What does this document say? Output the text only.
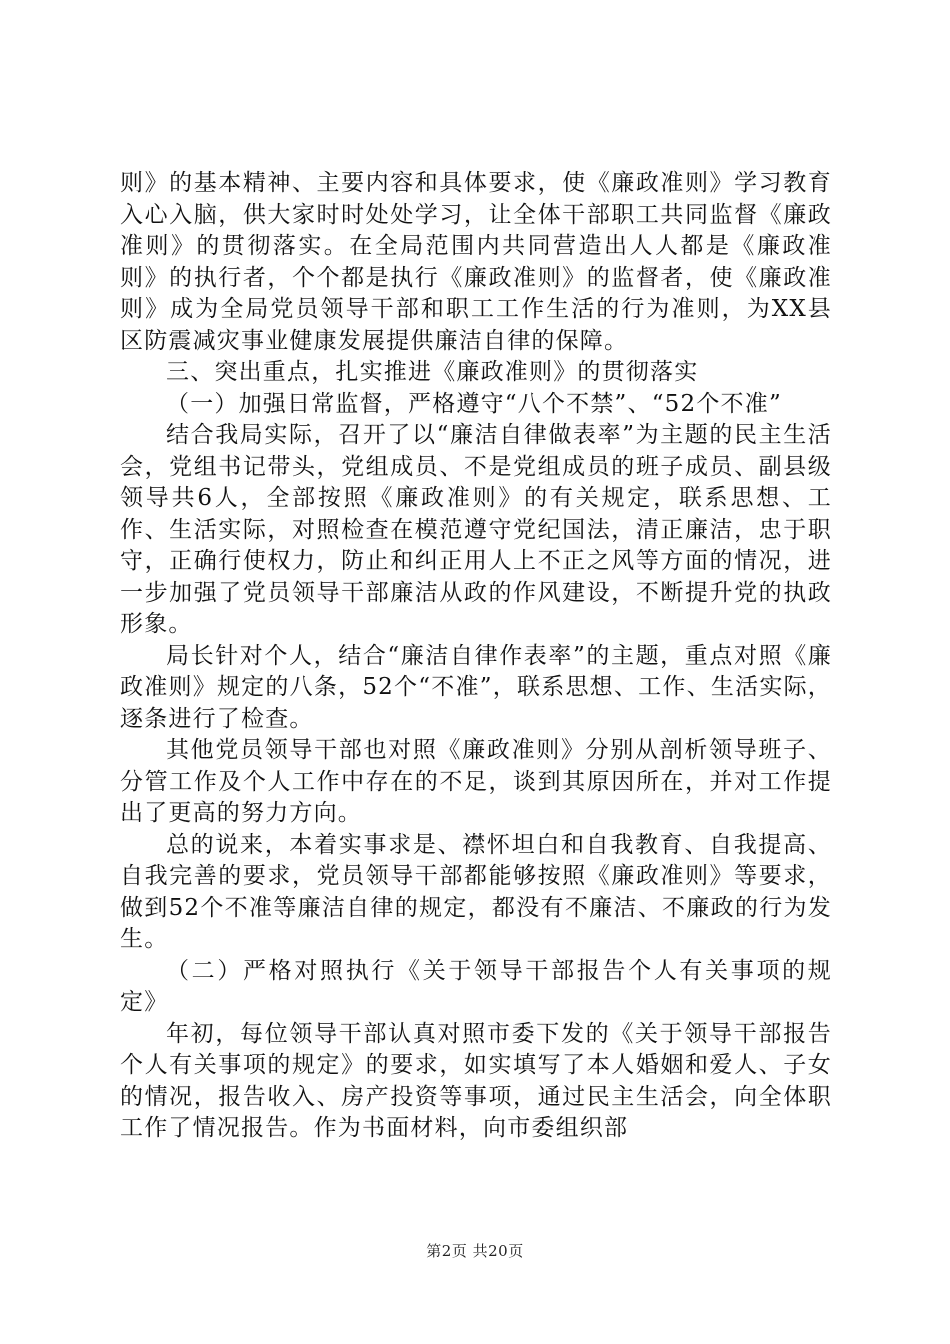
则》的基本精神、主要内容和具体要求，使《廉政准则》学习教育入心入脑，供大家时时处处学习，让全体干部职工共同监督《廉政准则》的贯彻落实。在全局范围内共同营造出人人都是《廉政准则》的执行者，个个都是执行《廉政准则》的监督者，使《廉政准则》成为全局党员领导干部和职工工作生活的行为准则，为XX县区防震减灾事业健康发展提供廉洁自律的保障。

三、突出重点，扎实推进《廉政准则》的贯彻落实

（一）加强日常监督，严格遵守“八个不禁”、“52个不准”

结合我局实际，召开了以“廉洁自律做表率”为主题的民主生活会，党组书记带头，党组成员、不是党组成员的班子成员、副县级领导共6人，全部按照《廉政准则》的有关规定，联系思想、工作、生活实际，对照检查在模范遵守党纪国法，清正廉洁，忠于职守，正确行使权力，防止和纠正用人上不正之风等方面的情况，进一步加强了党员领导干部廉洁从政的作风建设，不断提升党的执政形象。

局长针对个人，结合“廉洁自律作表率”的主题，重点对照《廉政准则》规定的八条，52个“不准”，联系思想、工作、生活实际，逐条进行了检查。

其他党员领导干部也对照《廉政准则》分别从剖析领导班子、分管工作及个人工作中存在的不足，谈到其原因所在，并对工作提出了更高的努力方向。

总的说来，本着实事求是、襟怀坦白和自我教育、自我提高、自我完善的要求，党员领导干部都能够按照《廉政准则》等要求，做到52个不准等廉洁自律的规定，都没有不廉洁、不廉政的行为发生。

（二）严格对照执行《关于领导干部报告个人有关事项的规定》

年初，每位领导干部认真对照市委下发的《关于领导干部报告个人有关事项的规定》的要求，如实填写了本人婚姻和爱人、子女的情况，报告收入、房产投资等事项，通过民主生活会，向全体职工作了情况报告。作为书面材料，向市委组织部

第2页 共20页
